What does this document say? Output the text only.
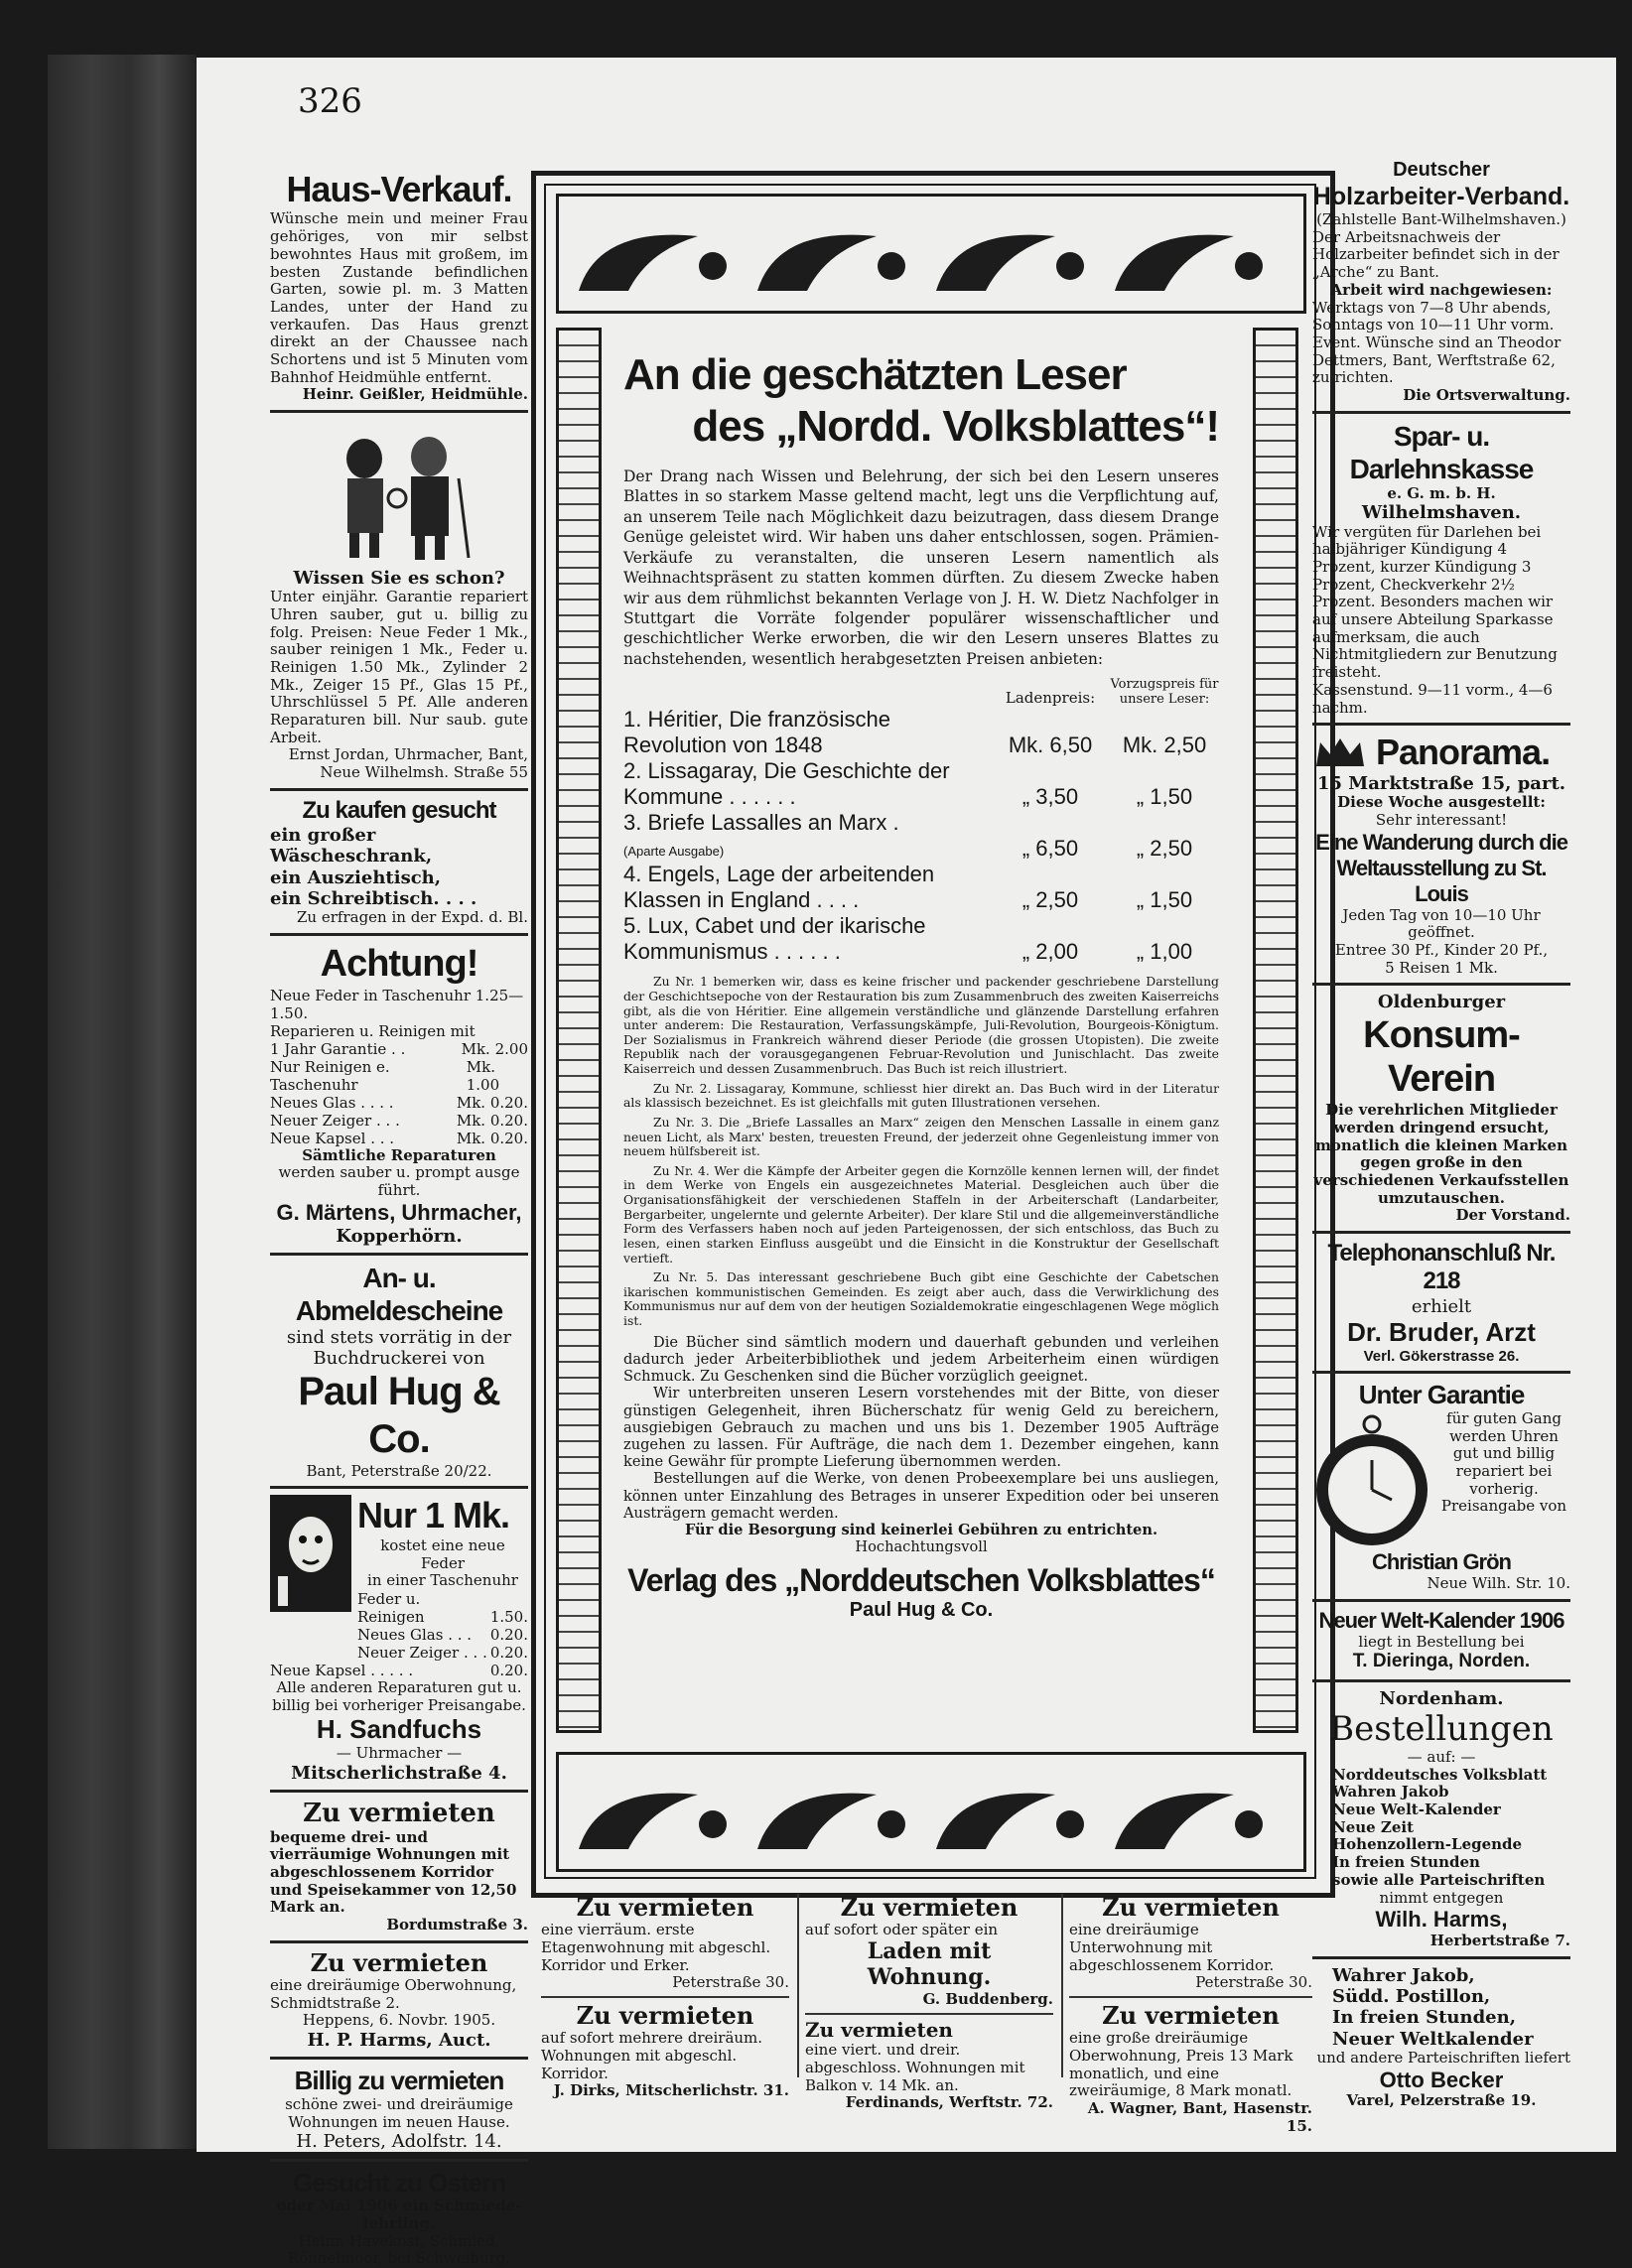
326

Haus-Verkauf.

Wünsche mein und meiner Frau gehöriges, von mir selbst bewohntes Haus mit großem, im besten Zustande befindlichen Garten, sowie pl. m. 3 Matten Landes, unter der Hand zu verkaufen. Das Haus grenzt direkt an der Chaussee nach Schortens und ist 5 Minuten vom Bahnhof Heidmühle entfernt.

Heinr. Geißler, Heidmühle.

Wissen Sie es schon?

Unter einjähr. Garantie repariert Uhren sauber, gut u. billig zu folg. Preisen: Neue Feder 1 Mk., sauber reinigen 1 Mk., Feder u. Reinigen 1.50 Mk., Zylinder 2 Mk., Zeiger 15 Pf., Glas 15 Pf., Uhrschlüssel 5 Pf. Alle anderen Reparaturen bill. Nur saub. gute Arbeit.

Ernst Jordan, Uhrmacher, Bant, Neue Wilhelmsh. Straße 55

Zu kaufen gesucht

ein großer Wäscheschrank,

ein Ausziehtisch,

ein Schreibtisch. . . .

Zu erfragen in der Expd. d. Bl.

Achtung!

Neue Feder in Taschenuhr 1.25—1.50.
Reparieren u. Reinigen mit
1 Jahr Garantie . .	Mk. 2.00
Nur Reinigen e. Taschenuhr
Mk. 1.00
Neues Glas . . . .	Mk. 0.20.
Neuer Zeiger . . .	Mk. 0.20.
Neue Kapsel . . .	Mk. 0.20.

Sämtliche Reparaturen

werden sauber u. prompt ausge führt.

G. Märtens, Uhrmacher,

Kopperhörn.

An- u. Abmeldescheine

sind stets vorrätig in der Buchdruckerei von

Paul Hug & Co.

Bant, Peterstraße 20/22.

Nur 1 Mk.

kostet eine neue Feder

in einer Taschenuhr

Feder u. Reinigen	1.50.
Neues Glas . . . 0.20.
Neuer Zeiger . . . 0.20.
Neue Kapsel . . . . .	0.20.

Alle anderen Reparaturen gut u. billig bei vorheriger Preisangabe.

H. Sandfuchs

— Uhrmacher —

Mitscherlichstraße 4.

Zu vermieten

bequeme drei- und vierräumige Wohnungen mit abgeschlossenem Korridor und Speisekammer von 12,50 Mark an.

Bordumstraße 3.

Zu vermieten

eine dreiräumige Oberwohnung, Schmidtstraße 2.

Heppens, 6. Novbr. 1905.

H. P. Harms, Auct.

Billig zu vermieten

schöne zwei- und dreiräumige Wohnungen im neuen Hause.

H. Peters, Adolfstr. 14.

Gesucht zu Ostern

oder Mai 1906 ein Schmiede-lehrling.

Heinr. Havekost, Schmied, Rönnelmoor, bei Schweiburg.

An die geschätzten Leser

des „Nordd. Volksblattes“!

Der Drang nach Wissen und Belehrung, der sich bei den Lesern unseres Blattes in so starkem Masse geltend macht, legt uns die Verpflichtung auf, an unserem Teile nach Möglichkeit dazu beizutragen, dass diesem Drange Genüge geleistet wird. Wir haben uns daher entschlossen, sogen. Prämien-Verkäufe zu veranstalten, die unseren Lesern namentlich als Weihnachtspräsent zu statten kommen dürften. Zu diesem Zwecke haben wir aus dem rühmlichst bekannten Verlage von J. H. W. Dietz Nachfolger in Stuttgart die Vorräte folgender populärer wissenschaftlicher und geschichtlicher Werke erworben, die wir den Lesern unseres Blattes zu nachstehenden, wesentlich herabgesetzten Preisen anbieten:

Ladenpreis:
Vorzugspreis für unsere Leser:
1. Héritier, Die französische Revolution von 1848	Mk. 6,50	Mk. 2,50
2. Lissagaray, Die Geschichte der Kommune . . . . . .	„ 3,50	„ 1,50
3. Briefe Lassalles an Marx .
(Aparte Ausgabe)	„ 6,50	„ 2,50
4. Engels, Lage der arbeitenden Klassen in England . . . .	„ 2,50	„ 1,50
5. Lux, Cabet und der ikarische Kommunismus . . . . . .	„ 2,00	„ 1,00

Zu Nr. 1 bemerken wir, dass es keine frischer und packender geschriebene Darstellung der Geschichtsepoche von der Restauration bis zum Zusammenbruch des zweiten Kaiserreichs gibt, als die von Héritier. Eine allgemein verständliche und glänzende Darstellung erfahren unter anderem: Die Restauration, Verfassungskämpfe, Juli-Revolution, Bourgeois-Königtum. Der Sozialismus in Frankreich während dieser Periode (die grossen Utopisten). Die zweite Republik nach der vorausgegangenen Februar-Revolution und Junischlacht. Das zweite Kaiserreich und dessen Zusammenbruch. Das Buch ist reich illustriert.

Zu Nr. 2. Lissagaray, Kommune, schliesst hier direkt an. Das Buch wird in der Literatur als klassisch bezeichnet. Es ist gleichfalls mit guten Illustrationen versehen.

Zu Nr. 3. Die „Briefe Lassalles an Marx“ zeigen den Menschen Lassalle in einem ganz neuen Licht, als Marx' besten, treuesten Freund, der jederzeit ohne Gegenleistung immer von neuem hülfsbereit ist.

Zu Nr. 4. Wer die Kämpfe der Arbeiter gegen die Kornzölle kennen lernen will, der findet in dem Werke von Engels ein ausgezeichnetes Material. Desgleichen auch über die Organisationsfähigkeit der verschiedenen Staffeln in der Arbeiterschaft (Landarbeiter, Bergarbeiter, ungelernte und gelernte Arbeiter). Der klare Stil und die allgemeinverständliche Form des Verfassers haben noch auf jeden Parteigenossen, der sich entschloss, das Buch zu lesen, einen starken Einfluss ausgeübt und die Einsicht in die Konstruktur der Gesellschaft vertieft.

Zu Nr. 5. Das interessant geschriebene Buch gibt eine Geschichte der Cabetschen ikarischen kommunistischen Gemeinden. Es zeigt aber auch, dass die Verwirklichung des Kommunismus nur auf dem von der heutigen Sozialdemokratie eingeschlagenen Wege möglich ist.

Die Bücher sind sämtlich modern und dauerhaft gebunden und verleihen dadurch jeder Arbeiterbibliothek und jedem Arbeiterheim einen würdigen Schmuck. Zu Geschenken sind die Bücher vorzüglich geeignet.

Wir unterbreiten unseren Lesern vorstehendes mit der Bitte, von dieser günstigen Gelegenheit, ihren Bücherschatz für wenig Geld zu bereichern, ausgiebigen Gebrauch zu machen und uns bis 1. Dezember 1905 Aufträge zugehen zu lassen. Für Aufträge, die nach dem 1. Dezember eingehen, kann keine Gewähr für prompte Lieferung übernommen werden.

Bestellungen auf die Werke, von denen Probeexemplare bei uns ausliegen, können unter Einzahlung des Betrages in unserer Expedition oder bei unseren Austrägern gemacht werden.

Für die Besorgung sind keinerlei Gebühren zu entrichten.

Hochachtungsvoll

Verlag des „Norddeutschen Volksblattes“

Paul Hug & Co.

Zu vermieten

eine vierräum. erste Etagenwohnung mit abgeschl. Korridor und Erker.

Peterstraße 30.

Zu vermieten

auf sofort mehrere dreiräum. Wohnungen mit abgeschl. Korridor.

J. Dirks, Mitscherlichstr. 31.

Zu vermieten

auf sofort oder später ein

Laden mit Wohnung.

G. Buddenberg.

Zu vermieten

eine viert. und dreir. abgeschloss. Wohnungen mit Balkon v. 14 Mk. an.

Ferdinands, Werftstr. 72.

Zu vermieten

eine dreiräumige Unterwohnung mit abgeschlossenem Korridor.

Peterstraße 30.

Zu vermieten

eine große dreiräumige Oberwohnung, Preis 13 Mark monatlich, und eine zweiräumige, 8 Mark monatl.

A. Wagner, Bant, Hasenstr. 15.

Deutscher

Holzarbeiter-Verband.

(Zahlstelle Bant-Wilhelmshaven.)

Der Arbeitsnachweis der Holzarbeiter befindet sich in der „Arche“ zu Bant.

Arbeit wird nachgewiesen:

Werktags von 7—8 Uhr abends, Sonntags von 10—11 Uhr vorm. Event. Wünsche sind an Theodor Dettmers, Bant, Werftstraße 62, zu richten.

Die Ortsverwaltung.

Spar- u. Darlehnskasse

e. G. m. b. H.

Wilhelmshaven.

Wir vergüten für Darlehen bei halbjähriger Kündigung 4 Prozent, kurzer Kündigung 3 Prozent, Checkverkehr 2½ Prozent. Besonders machen wir auf unsere Abteilung Sparkasse aufmerksam, die auch Nichtmitgliedern zur Benutzung freisteht.

Kassenstund. 9—11 vorm., 4—6 nachm.

Panorama.

15 Marktstraße 15, part.

Diese Woche ausgestellt:

Sehr interessant!

Eine Wanderung durch die Weltausstellung zu St. Louis

Jeden Tag von 10—10 Uhr geöffnet.

Entree 30 Pf., Kinder 20 Pf.,

5 Reisen 1 Mk.

Oldenburger

Konsum-Verein

Die verehrlichen Mitglieder werden dringend ersucht, monatlich die kleinen Marken gegen große in den verschiedenen Verkaufsstellen umzutauschen.

Der Vorstand.

Telephonanschluß Nr. 218

erhielt

Dr. Bruder, Arzt

Verl. Gökerstrasse 26.

Unter Garantie

für guten Gang werden Uhren gut und billig repariert bei vorherig. Preisangabe von

Christian Grön

Neue Wilh. Str. 10.

Neuer Welt-Kalender 1906

liegt in Bestellung bei

T. Dieringa, Norden.

Nordenham.

Bestellungen

— auf: —

Norddeutsches Volksblatt

Wahren Jakob

Neue Welt-Kalender

Neue Zeit

Hohenzollern-Legende

In freien Stunden

sowie alle Parteischriften

nimmt entgegen

Wilh. Harms,

Herbertstraße 7.

Wahrer Jakob,

Südd. Postillon,

In freien Stunden,

Neuer Weltkalender

und andere Parteischriften liefert

Otto Becker

Varel, Pelzerstraße 19.
